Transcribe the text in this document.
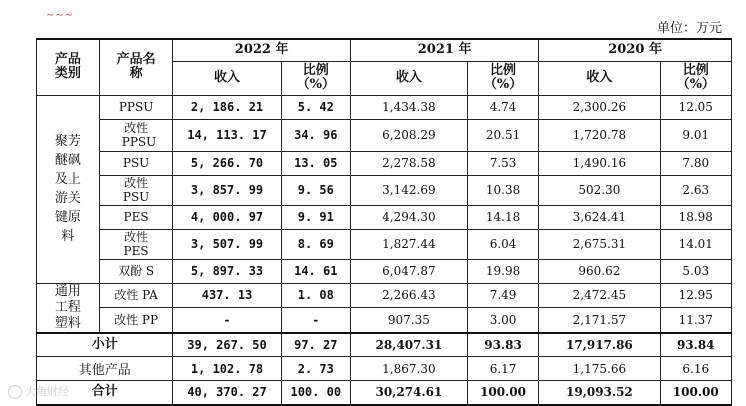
~~~
单位：万元
产品类别	产品名称	2022 年		2021 年		2020 年	
		收入	比例（%）	收入	比例（%）	收入	比例（%）
聚芳醚砜及上游关键原料	PPSU	2, 186. 21	5. 42	1,434.38	4.74	2,300.26	12.05
	改性PPSU	14, 113. 17	34. 96	6,208.29	20.51	1,720.78	9.01
	PSU	5, 266. 70	13. 05	2,278.58	7.53	1,490.16	7.80
	改性PSU	3, 857. 99	9. 56	3,142.69	10.38	502.30	2.63
	PES	4, 000. 97	9. 91	4,294.30	14.18	3,624.41	18.98
	改性PES	3, 507. 99	8. 69	1,827.44	6.04	2,675.31	14.01
	双酚 S	5, 897. 33	14. 61	6,047.87	19.98	960.62	5.03
通用工程塑料	改性 PA	437. 13	1. 08	2,266.43	7.49	2,472.45	12.95
	改性 PP	-	-	907.35	3.00	2,171.57	11.37
小计		39, 267. 50	97. 27	28,407.31	93.83	17,917.86	93.84
其他产品		1, 102. 78	2. 73	1,867.30	6.17	1,175.66	6.16
合计		40, 370. 27	100. 00	30,274.61	100.00	19,093.52	100.00
大鱼财经
